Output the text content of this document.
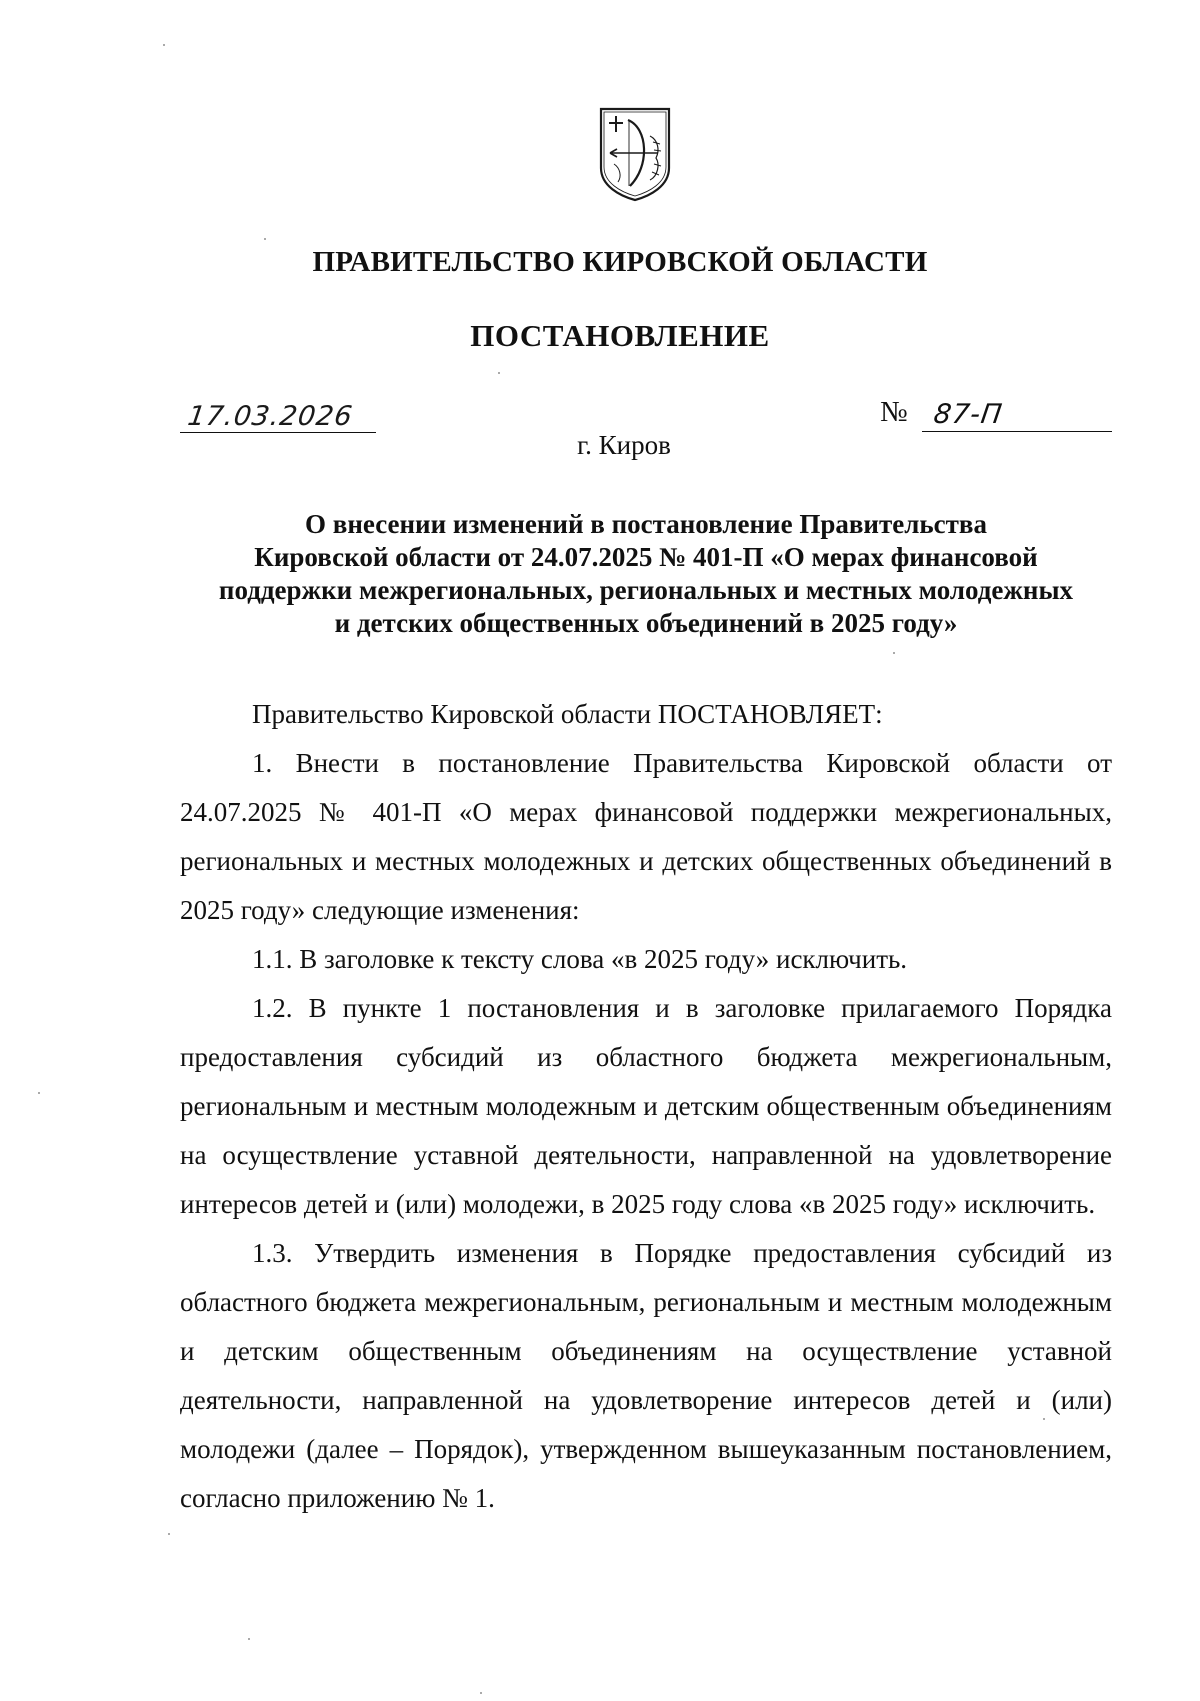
ПРАВИТЕЛЬСТВО КИРОВСКОЙ ОБЛАСТИ
ПОСТАНОВЛЕНИЕ
17.03.2026	№ 87-П
г. Киров
О внесении изменений в постановление Правительства
Кировской области от 24.07.2025 № 401-П «О мерах финансовой
поддержки межрегиональных, региональных и местных молодежных
и детских общественных объединений в 2025 году»

Правительство Кировской области ПОСТАНОВЛЯЕТ:

1. Внести в постановление Правительства Кировской области от 24.07.2025 № 401-П «О мерах финансовой поддержки межрегиональных, региональных и местных молодежных и детских общественных объединений в 2025 году» следующие изменения:

1.1. В заголовке к тексту слова «в 2025 году» исключить.

1.2. В пункте 1 постановления и в заголовке прилагаемого Порядка предоставления субсидий из областного бюджета межрегиональным, региональным и местным молодежным и детским общественным объединениям на осуществление уставной деятельности, направленной на удовлетворение интересов детей и (или) молодежи, в 2025 году слова «в 2025 году» исключить.

1.3. Утвердить изменения в Порядке предоставления субсидий из областного бюджета межрегиональным, региональным и местным молодежным и детским общественным объединениям на осуществление уставной деятельности, направленной на удовлетворение интересов детей и (или) молодежи (далее – Порядок), утвержденном вышеуказанным постановлением, согласно приложению № 1.
